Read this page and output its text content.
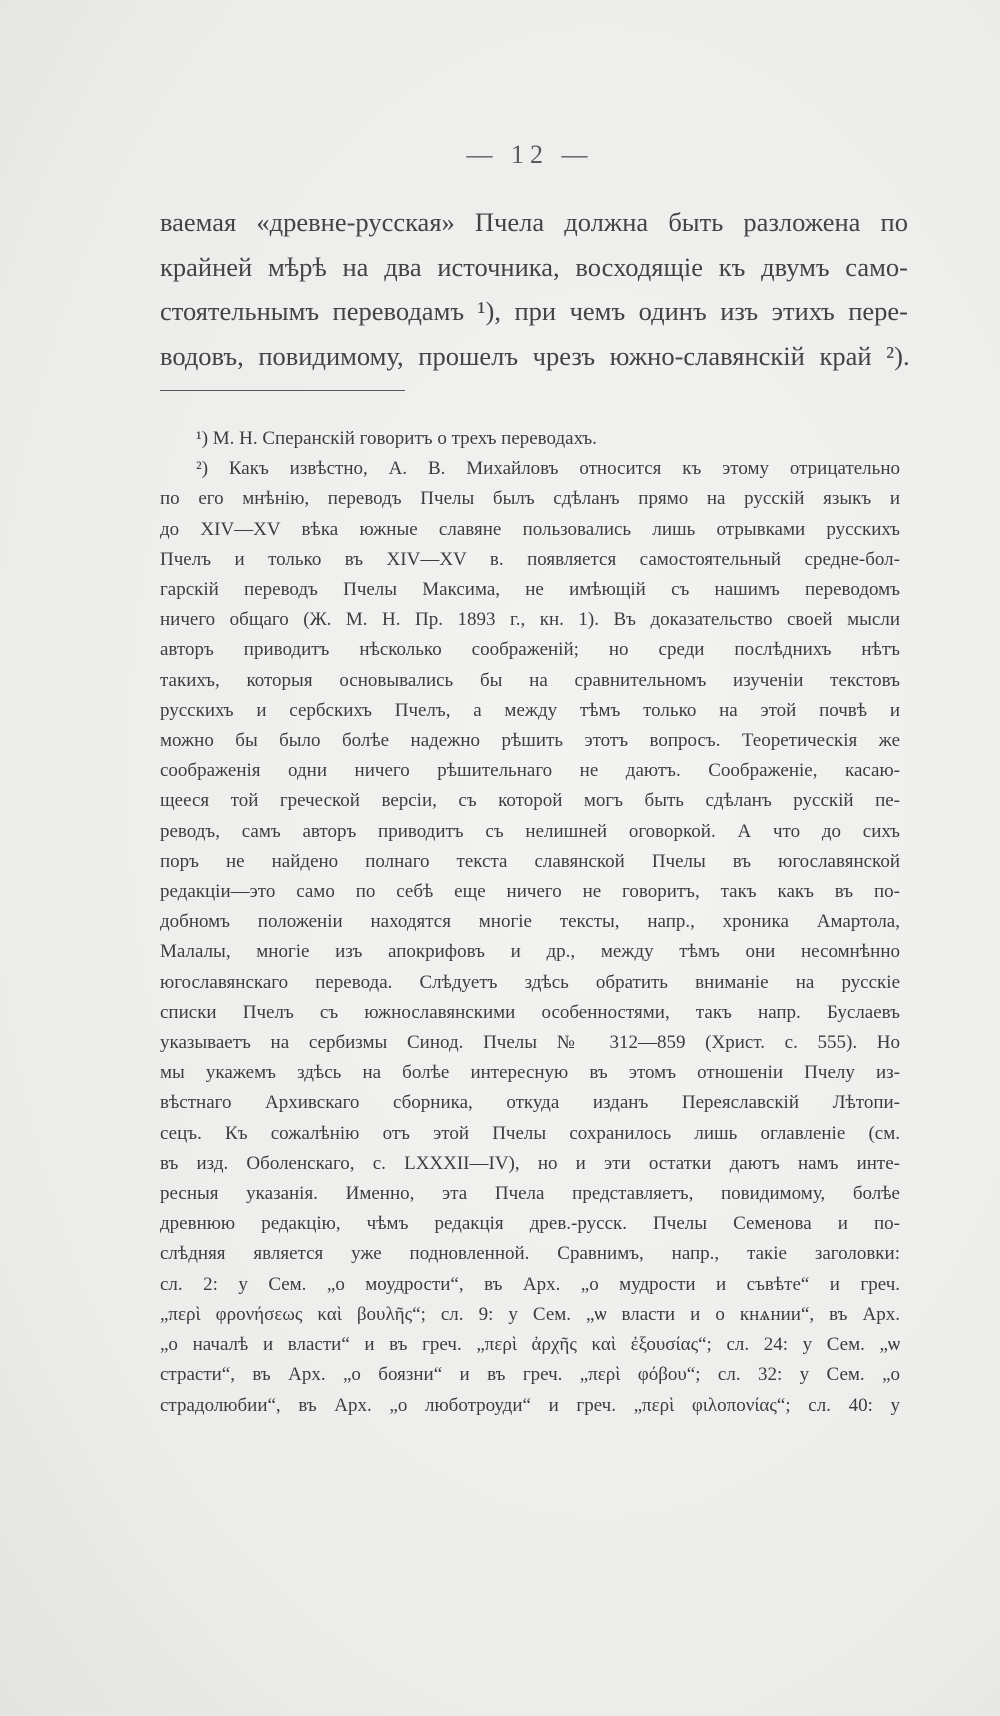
— 12 —
ваемая «древне-русская» Пчела должна быть разложена по
крайней мѣрѣ на два источника, восходящіе къ двумъ само-
стоятельнымъ переводамъ ¹), при чемъ одинъ изъ этихъ пере-
водовъ, повидимому, прошелъ чрезъ южно-славянскій край ²).
¹) М. Н. Сперанскій говоритъ о трехъ переводахъ.
²) Какъ извѣстно, А. В. Михайловъ относится къ этому отрицательно
по его мнѣнію, переводъ Пчелы былъ сдѣланъ прямо на русскій языкъ и
до XIV—XV вѣка южные славяне пользовались лишь отрывками русскихъ
Пчелъ и только въ XIV—XV в. появляется самостоятельный средне-бол-
гарскій переводъ Пчелы Максима, не имѣющій съ нашимъ переводомъ
ничего общаго (Ж. М. Н. Пр. 1893 г., кн. 1). Въ доказательство своей мысли
авторъ приводитъ нѣсколько соображеній; но среди послѣднихъ нѣтъ
такихъ, которыя основывались бы на сравнительномъ изученіи текстовъ
русскихъ и сербскихъ Пчелъ, а между тѣмъ только на этой почвѣ и
можно бы было болѣе надежно рѣшить этотъ вопросъ. Теоретическія же
соображенія одни ничего рѣшительнаго не даютъ. Соображеніе, касаю-
щееся той греческой версіи, съ которой могъ быть сдѣланъ русскій пе-
реводъ, самъ авторъ приводитъ съ нелишней оговоркой. А что до сихъ
поръ не найдено полнаго текста славянской Пчелы въ югославянской
редакціи—это само по себѣ еще ничего не говоритъ, такъ какъ въ по-
добномъ положеніи находятся многіе тексты, напр., хроника Амартола,
Малалы, многіе изъ апокрифовъ и др., между тѣмъ они несомнѣнно
югославянскаго перевода. Слѣдуетъ здѣсь обратить вниманіе на русскіе
списки Пчелъ съ южнославянскими особенностями, такъ напр. Буслаевъ
указываетъ на сербизмы Синод. Пчелы № 312—859 (Христ. с. 555). Но
мы укажемъ здѣсь на болѣе интересную въ этомъ отношеніи Пчелу из-
вѣстнаго Архивскаго сборника, откуда изданъ Переяславскій Лѣтопи-
сецъ. Къ сожалѣнію отъ этой Пчелы сохранилось лишь оглавленіе (см.
въ изд. Оболенскаго, с. LXXXII—IV), но и эти остатки даютъ намъ инте-
ресныя указанія. Именно, эта Пчела представляетъ, повидимому, болѣе
древнюю редакцію, чѣмъ редакція древ.-русск. Пчелы Семенова и по-
слѣдняя является уже подновленной. Сравнимъ, напр., такіе заголовки:
сл. 2: у Сем. „о моудрости“, въ Арх. „о мудрости и съвѣте“ и греч.
„περὶ φρονήσεως καὶ βουλῆς“; сл. 9: у Сем. „ѡ власти и о кнѧнии“, въ Арх.
„о началѣ и власти“ и въ греч. „περὶ ἀρχῆς καὶ ἐξουσίας“; сл. 24: у Сем. „ѡ
страсти“, въ Арх. „о боязни“ и въ греч. „περὶ φόβου“; сл. 32: у Сем. „о
страдолюбии“, въ Арх. „о люботроуди“ и греч. „περὶ φιλοπονίας“; сл. 40: у
